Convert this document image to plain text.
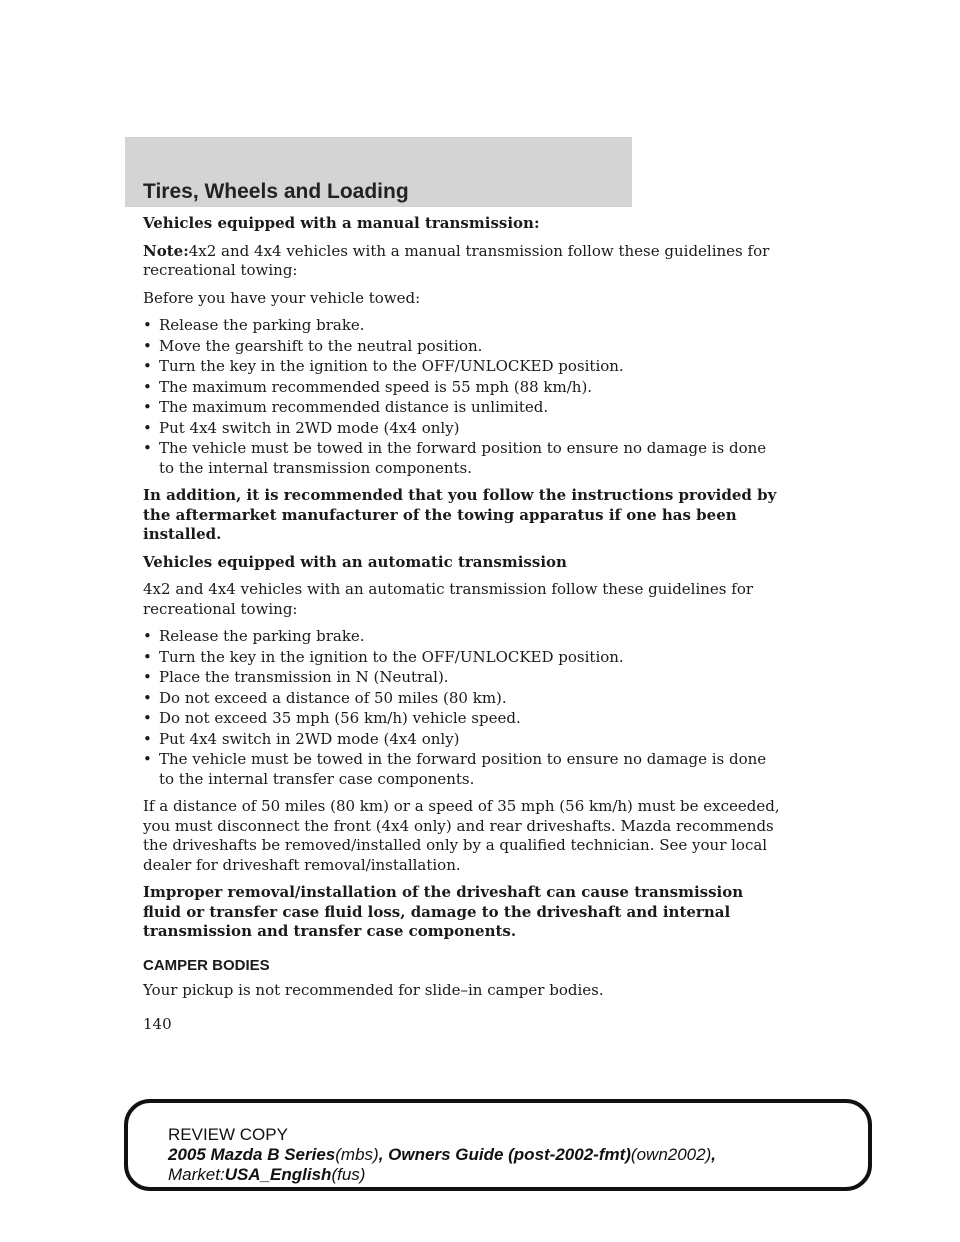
Tires, Wheels and Loading

Vehicles equipped with a manual transmission:

Note:4x2 and 4x4 vehicles with a manual transmission follow these guidelines for recreational towing:

Before you have your vehicle towed:

• Release the parking brake.
• Move the gearshift to the neutral position.
• Turn the key in the ignition to the OFF/UNLOCKED position.
• The maximum recommended speed is 55 mph (88 km/h).
• The maximum recommended distance is unlimited.
• Put 4x4 switch in 2WD mode (4x4 only)
• The vehicle must be towed in the forward position to ensure no damage is done to the internal transmission components.

In addition, it is recommended that you follow the instructions provided by the aftermarket manufacturer of the towing apparatus if one has been installed.

Vehicles equipped with an automatic transmission

4x2 and 4x4 vehicles with an automatic transmission follow these guidelines for recreational towing:

• Release the parking brake.
• Turn the key in the ignition to the OFF/UNLOCKED position.
• Place the transmission in N (Neutral).
• Do not exceed a distance of 50 miles (80 km).
• Do not exceed 35 mph (56 km/h) vehicle speed.
• Put 4x4 switch in 2WD mode (4x4 only)
• The vehicle must be towed in the forward position to ensure no damage is done to the internal transfer case components.

If a distance of 50 miles (80 km) or a speed of 35 mph (56 km/h) must be exceeded, you must disconnect the front (4x4 only) and rear driveshafts. Mazda recommends the driveshafts be removed/installed only by a qualified technician. See your local dealer for driveshaft removal/installation.

Improper removal/installation of the driveshaft can cause transmission fluid or transfer case fluid loss, damage to the driveshaft and internal transmission and transfer case components.

CAMPER BODIES

Your pickup is not recommended for slide–in camper bodies.

140
REVIEW COPY
2005 Mazda B Series(mbs), Owners Guide (post-2002-fmt)(own2002),
Market:USA_English(fus)
